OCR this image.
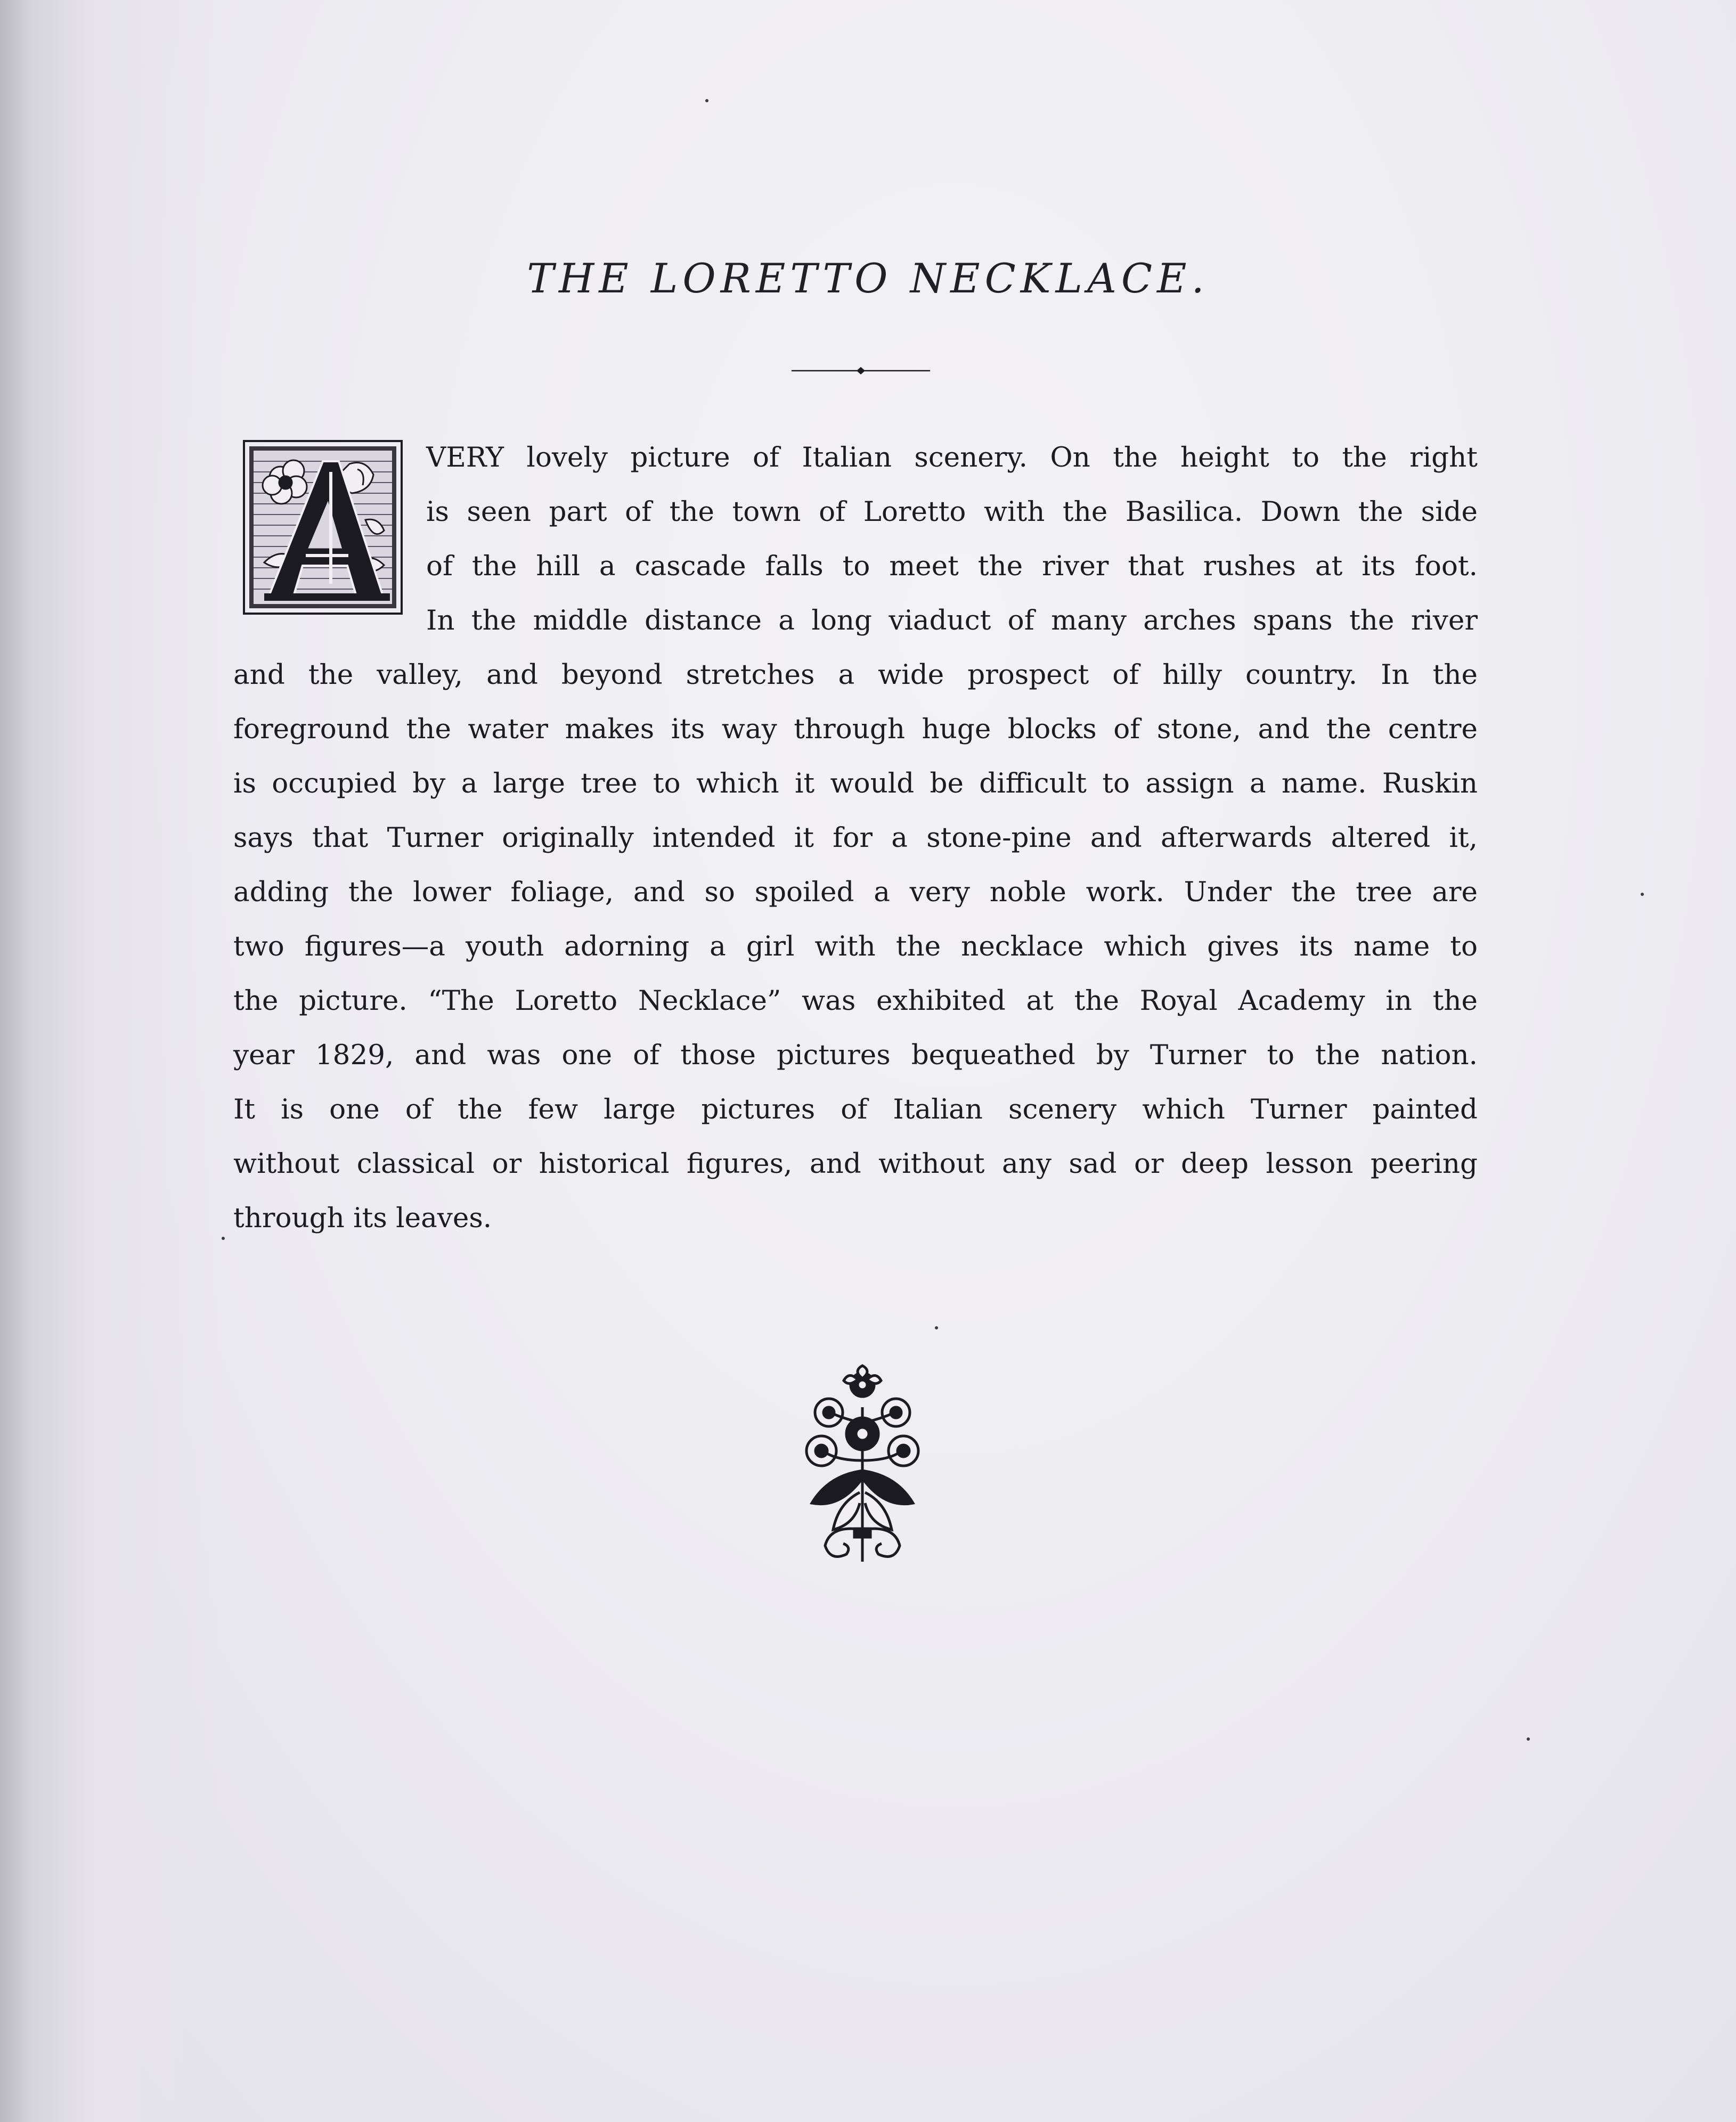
THE LORETTO NECKLACE.
VERY lovely picture of Italian scenery. On the height to the right
is seen part of the town of Loretto with the Basilica. Down the side
of the hill a cascade falls to meet the river that rushes at its foot.
In the middle distance a long viaduct of many arches spans the river
and the valley, and beyond stretches a wide prospect of hilly country. In the
foreground the water makes its way through huge blocks of stone, and the centre
is occupied by a large tree to which it would be difficult to assign a name. Ruskin
says that Turner originally intended it for a stone-pine and afterwards altered it,
adding the lower foliage, and so spoiled a very noble work. Under the tree are
two figures—a youth adorning a girl with the necklace which gives its name to
the picture. “The Loretto Necklace” was exhibited at the Royal Academy in the
year 1829, and was one of those pictures bequeathed by Turner to the nation.
It is one of the few large pictures of Italian scenery which Turner painted
without classical or historical figures, and without any sad or deep lesson peering
through its leaves.
